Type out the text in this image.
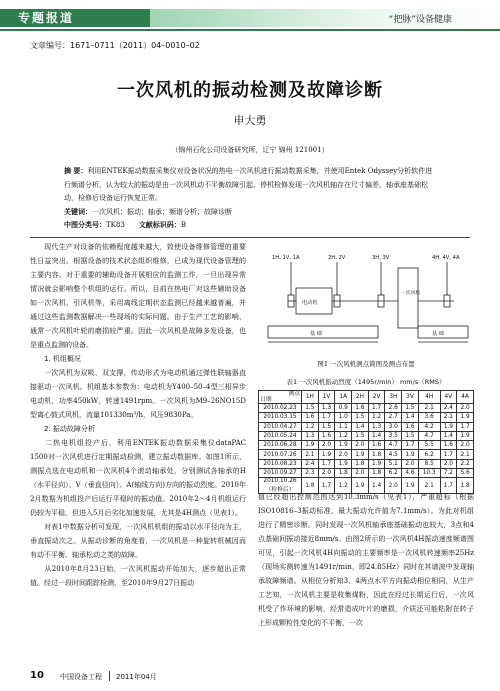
专题报道	“把脉”设备健康
文章编号：1671–0711（2011）04–0010–02
一次风机的振动检测及故障诊断
申大勇
（锦州石化公司设备研究所，辽宁 锦州 121001）
摘 要：利用ENTEK振动数据采集仪对设备状况的热电一次风机进行振动数据采集，并使用Entek Odyssey分析软件进行频谱分析，认为较大的振动是由一次风机动不平衡故障引起，停机检修发现一次风机轴存在尺寸偏差，轴承座基础松动，检修后设备运行恢复正常。
关键词：一次风机；振动；轴承；频谱分析；故障诊断
中图分类号：TK83   文献标识码：B

  现代生产对设备的依赖程度越来越大，致使设备维修管理的重要性日益突出。根据设备的技术状态组织维修，已成为现代设备管理的主要内容。对于重要的辅助设备开展相应的监测工作，一旦出现异常情况就会影响整个机组的运行。所以，目前在热电厂对这些辅助设备如一次风机、引风机等，采用离线定期状态监测已经越来越普遍，并通过这些监测数据解决一些现场的实际问题。由于生产工艺的影响，通常一次风机叶轮的磨损较严重。因此一次风机是故障多发设备，也是重点监测的设备。

  1. 机组概况

  一次风机为双吸、双支撑，传动形式为电动机通过弹性联轴器直接驱动一次风机。机组基本参数为：电动机为Y400–50–4型三相异步电动机，功率450kW，转速1491rpm。一次风机为M9–26NO15D型离心鼓式风机，流量101330m³/h，风压9830Pa。

  2. 振动故障分析

  二热电机组投产后，利用ENTEK振动数据采集仪dataPAC 1500对一次风机进行定期振动检测，建立振动数据库。如图1所示，测振点选在电动机和一次风机4个滚动轴承处，分别测试各轴承的H（水平径向）、V（垂直径向）、A(轴线方向)方向的振动烈度。2010年2月数据为机组投产后运行平稳时的振动值。2010年2～4月机组运行仍较为平稳，但进入5月后劣化加速发展，尤其是4H测点（见表1）。

  对表1中数据分析可发现，一次风机机组的振动以水平径向为主，垂直振动次之。从振动诊断的角度看，一次风机是一种旋转机械因而有动不平衡、轴承松动之类的故障。

  从2010年8月23日始，一次风机振动开始加大，逐步超出正常值。经过一段时间跟踪检测，至2010年9月27日振动

1H, 1V, 1A	2H, 2V	3H, 3V	4H, 4V, 4A
电动机
一次风机
基 础	基 础
图1 一次风机测点简图及测点布置
表1 一次风机振动烈度（1495r/min） mm/s（RMS）
测点
日期	1H	1V	1A	2H	2V	3H	3V	4H	4V	4A
2010.02.23	1.5	1.3	0.9	1.6	1.7	2.6	1.5	2.1	2.4	2.0
2010.03.15	1.6	1.7	1.0	1.5	1.2	2.7	1.4	3.6	2.1	1.9
2010.04.27	1.2	1.5	1.1	1.4	1.3	3.0	1.6	4.2	1.9	1.7
2010.05.24	1.3	1.6	1.2	1.5	1.4	3.5	1.5	4.7	1.4	1.9
2010.06.28	1.9	2.0	1.9	2.0	1.6	4.7	1.7	5.5	1.6	2.0
2010.07.26	2.1	1.9	2.0	1.9	1.8	4.5	1.9	6.2	1.7	2.1
2010.08.23	2.4	1.7	1.9	1.8	1.9	5.1	2.0	8.5	2.0	2.2
2010.09.27	2.3	2.0	1.8	2.0	1.8	6.2	4.6	10.3	7.2	5.6
2010.10.26
（检修后）	1.8	1.7	1.2	1.9	1.4	2.0	1.9	2.1	1.7	1.8

值已经超出控制范围达到10.3mm/s（见表1），严重超标（根据ISO10816–3振动标准，最大振动允许值为7.1mm/s）。为此对机组进行了精密诊断。同时发现一次风机轴承座基础振动也较大，3点和4点基础间振动接近8mm/s。由图2所示的一次风机4H振动速度频谱图可见，引起一次风机4H向振动的主要频率是一次风机转速频率25Hz（现场实测转速为1491r/min，即24.85Hz）同时在其谱波中发现轴承故障频谱。从相位分析知3、4两点水平方向振动相位相同，从生产工艺知，一次风机主要是收集煤粉，因此在经过长期运行后，一次风机受了作环境的影响，经常造成叶片的磨损，介质还可能粘附在转子上形成颗粒性变化的不平衡，一次

10 中国设备工程 2011年04月
